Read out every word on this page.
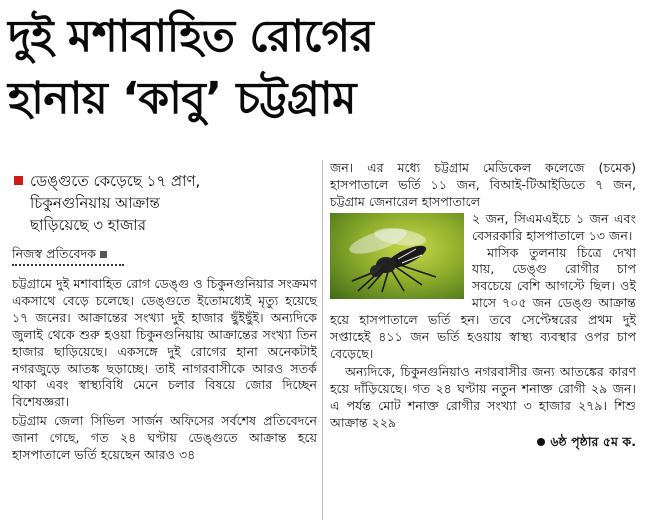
দুই মশাবাহিত রোগের
হানায় ‘কাবু’ চট্টগ্রাম
ডেঙ্গুতে কেড়েছে ১৭ প্রাণ,
চিকুনগুনিয়ায় আক্রান্ত
ছাড়িয়েছে ৩ হাজার
নিজস্ব প্রতিবেদক

চট্টগ্রামে দুই মশাবাহিত রোগ ডেঙ্গু ও চিকুনগুনিয়ার সংক্রমণ একসাথে বেড়ে চলেছে। ডেঙ্গুতে ইতোমধ্যেই মৃত্যু হয়েছে ১৭ জনের। আক্রান্তের সংখ্যা দুই হাজার ছুঁইছুঁই। অন্যদিকে জুলাই থেকে শুরু হওয়া চিকুনগুনিয়ায় আক্রান্তের সংখ্যা তিন হাজার ছাড়িয়েছে। একসঙ্গে দুই রোগের হানা অনেকটাই নগরজুড়ে আতঙ্ক ছড়াচ্ছে। তাই নাগরবাসীকে আরও সতর্ক থাকা এবং স্বাস্থ্যবিধি মেনে চলার বিষয়ে জোর দিচ্ছেন বিশেষজ্ঞরা।

চট্টগ্রাম জেলা সিভিল সার্জন অফিসের সর্বশেষ প্রতিবেদনে জানা গেছে, গত ২৪ ঘণ্টায় ডেঙ্গুতে আক্রান্ত হয়ে হাসপাতালে ভর্তি হয়েছেন আরও ৩৪

জন। এর মধ্যে চট্টগ্রাম মেডিকেল কলেজে (চমেক) হাসপাতালে ভর্তি ১১ জন, বিআই-টিআইডিতে ৭ জন, চট্টগ্রাম জেনারেল হাসপাতালে

২ জন, সিএমএইচে ১ জন এবং বেসরকারি হাসপাতালে ১৩ জন।

মাসিক তুলনায় চিত্রে দেখা যায়, ডেঙ্গু রোগীর চাপ সবচেয়ে বেশি আগস্টে ছিল। ওই মাসে ৭০৫ জন ডেঙ্গু আক্রান্ত হয়ে হাসপাতালে ভর্তি হন। তবে সেপ্টেম্বরের প্রথম দুই সপ্তাহেই ৪১১ জন ভর্তি হওয়ায় স্বাস্থ্য ব্যবস্থার ওপর চাপ বেড়েছে।

অন্যদিকে, চিকুনগুনিয়াও নগরবাসীর জন্য আতঙ্কের কারণ হয়ে দাঁড়িয়েছে। গত ২৪ ঘণ্টায় নতুন শনাক্ত রোগী ২৯ জন। এ পর্যন্ত মোট শনাক্ত রোগীর সংখ্যা ৩ হাজার ২৭৯। শিশু আক্রান্ত ২২৯

৬ষ্ঠ পৃষ্ঠার ৫ম ক.
